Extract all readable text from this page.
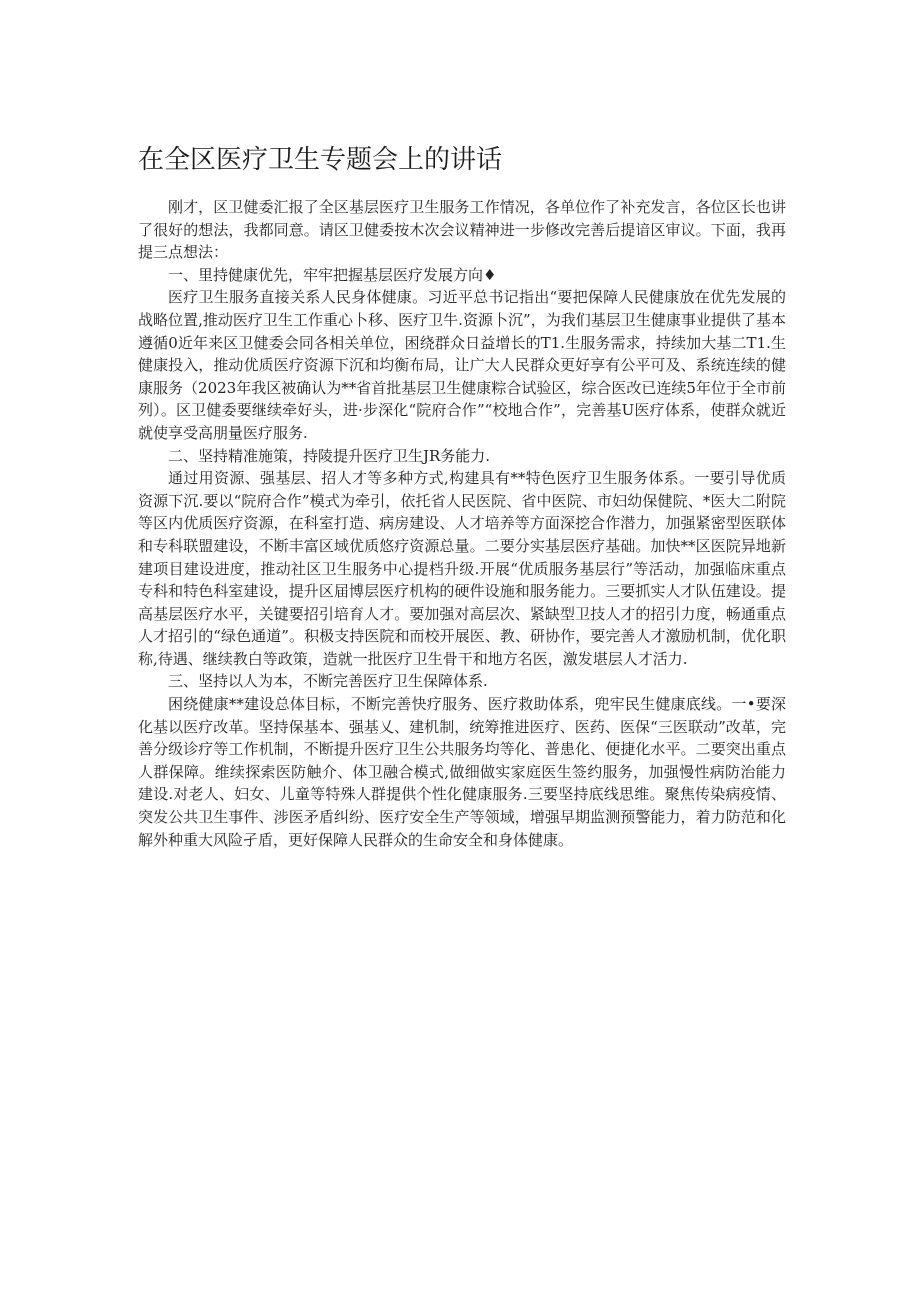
在全区医疗卫生专题会上的讲话

刚才，区卫健委汇报了全区基层医疗卫生服务工作情况，各单位作了补充发言，各位区长也讲了很好的想法，我都同意。请区卫健委按木次会议精神进一步修改完善后提谙区审议。下面，我再提三点想法：

一、里持健康优先，牢牢把握基层医疗发展方向♦

医疗卫生服务直接关系人民身体健康。习近平总书记指出“要把保障人民健康放在优先发展的战略位置,推动医疗卫生工作重心卜移、医疗卫牛.资源卜沉”，为我们基层卫生健康事业提供了基本遵循0近年来区卫健委会同各相关单位，困绕群众日益增长的T1.生服务需求，持续加大基二T1.生健康投入，推动优质医疗资源下沉和均衡布局，让广大人民群众更好享有公平可及、系统连续的健康服务（2023年我区被确认为**省首批基层卫生健康粽合试验区，综合医改已连续5年位于全市前列）。区卫健委要继续牵好头，进·步深化“院府合作”“校地合作”，完善基U医疗体系，使群众就近就使享受高朋量医疗服务.

二、坚持精准施策，持陵提升医疗卫生JR务能力.

通过用资源、强基层、招人才等多种方式,构建具有**特色医疗卫生服务体系。一要引导优质资源下沉.要以“院府合作”模式为牵引，依托省人民医院、省中医院、市妇幼保健院、*医大二附院等区内优质医疗资源，在科室打造、病房建设、人才培养等方面深挖合作潜力，加强紧密型医联体和专科联盟建设，不断丰富区域优质悠疗资源总量。二要分实基层医疗基础。加快**区医院异地新建项目建设进度，推动社区卫生服务中心提档升级.开展“优质服务基层行”等活动，加强临床重点专科和特色科室建设，提升区届博层医疗机构的硬件设施和服务能力。三要抓实人才队伍建设。提高基层医疗水平，关键要招引培育人才。要加强对高层次、紧缺型卫技人才的招引力度，畅通重点人才招引的“绿色通道”。积极支持医院和而校开展医、教、研协作，要完善人才激励机制，优化职称,待遇、继续教白等政策，造就一批医疗卫生骨干和地方名医，激发堪层人才活力.

三、坚持以人为本，不断完善医疗卫生保障体系.

困绕健康**建设总体目标，不断完善快疗服务、医疗救助体系，兜牢民生健康底线。一•要深化基以医疗改革。坚持保基本、强基乂、建机制，统筹推进医疗、医药、医保“三医联动”改革，完善分级诊疗等工作机制，不断提升医疗卫生公共服务均等化、普患化、便捷化水平。二要突出重点人群保障。维续探索医防触介、体卫融合模式,做细做实家庭医生签约服务，加强慢性病防治能力建设.对老人、妇女、儿童等特殊人群提供个性化健康服务.三要坚持底线思维。聚焦传染病疫情、突发公共卫生事件、涉医矛盾纠纷、医疗安全生产等领域，增强早期监测预警能力，着力防范和化解外种重大风险孑盾，更好保障人民群众的生命安全和身体健康。
